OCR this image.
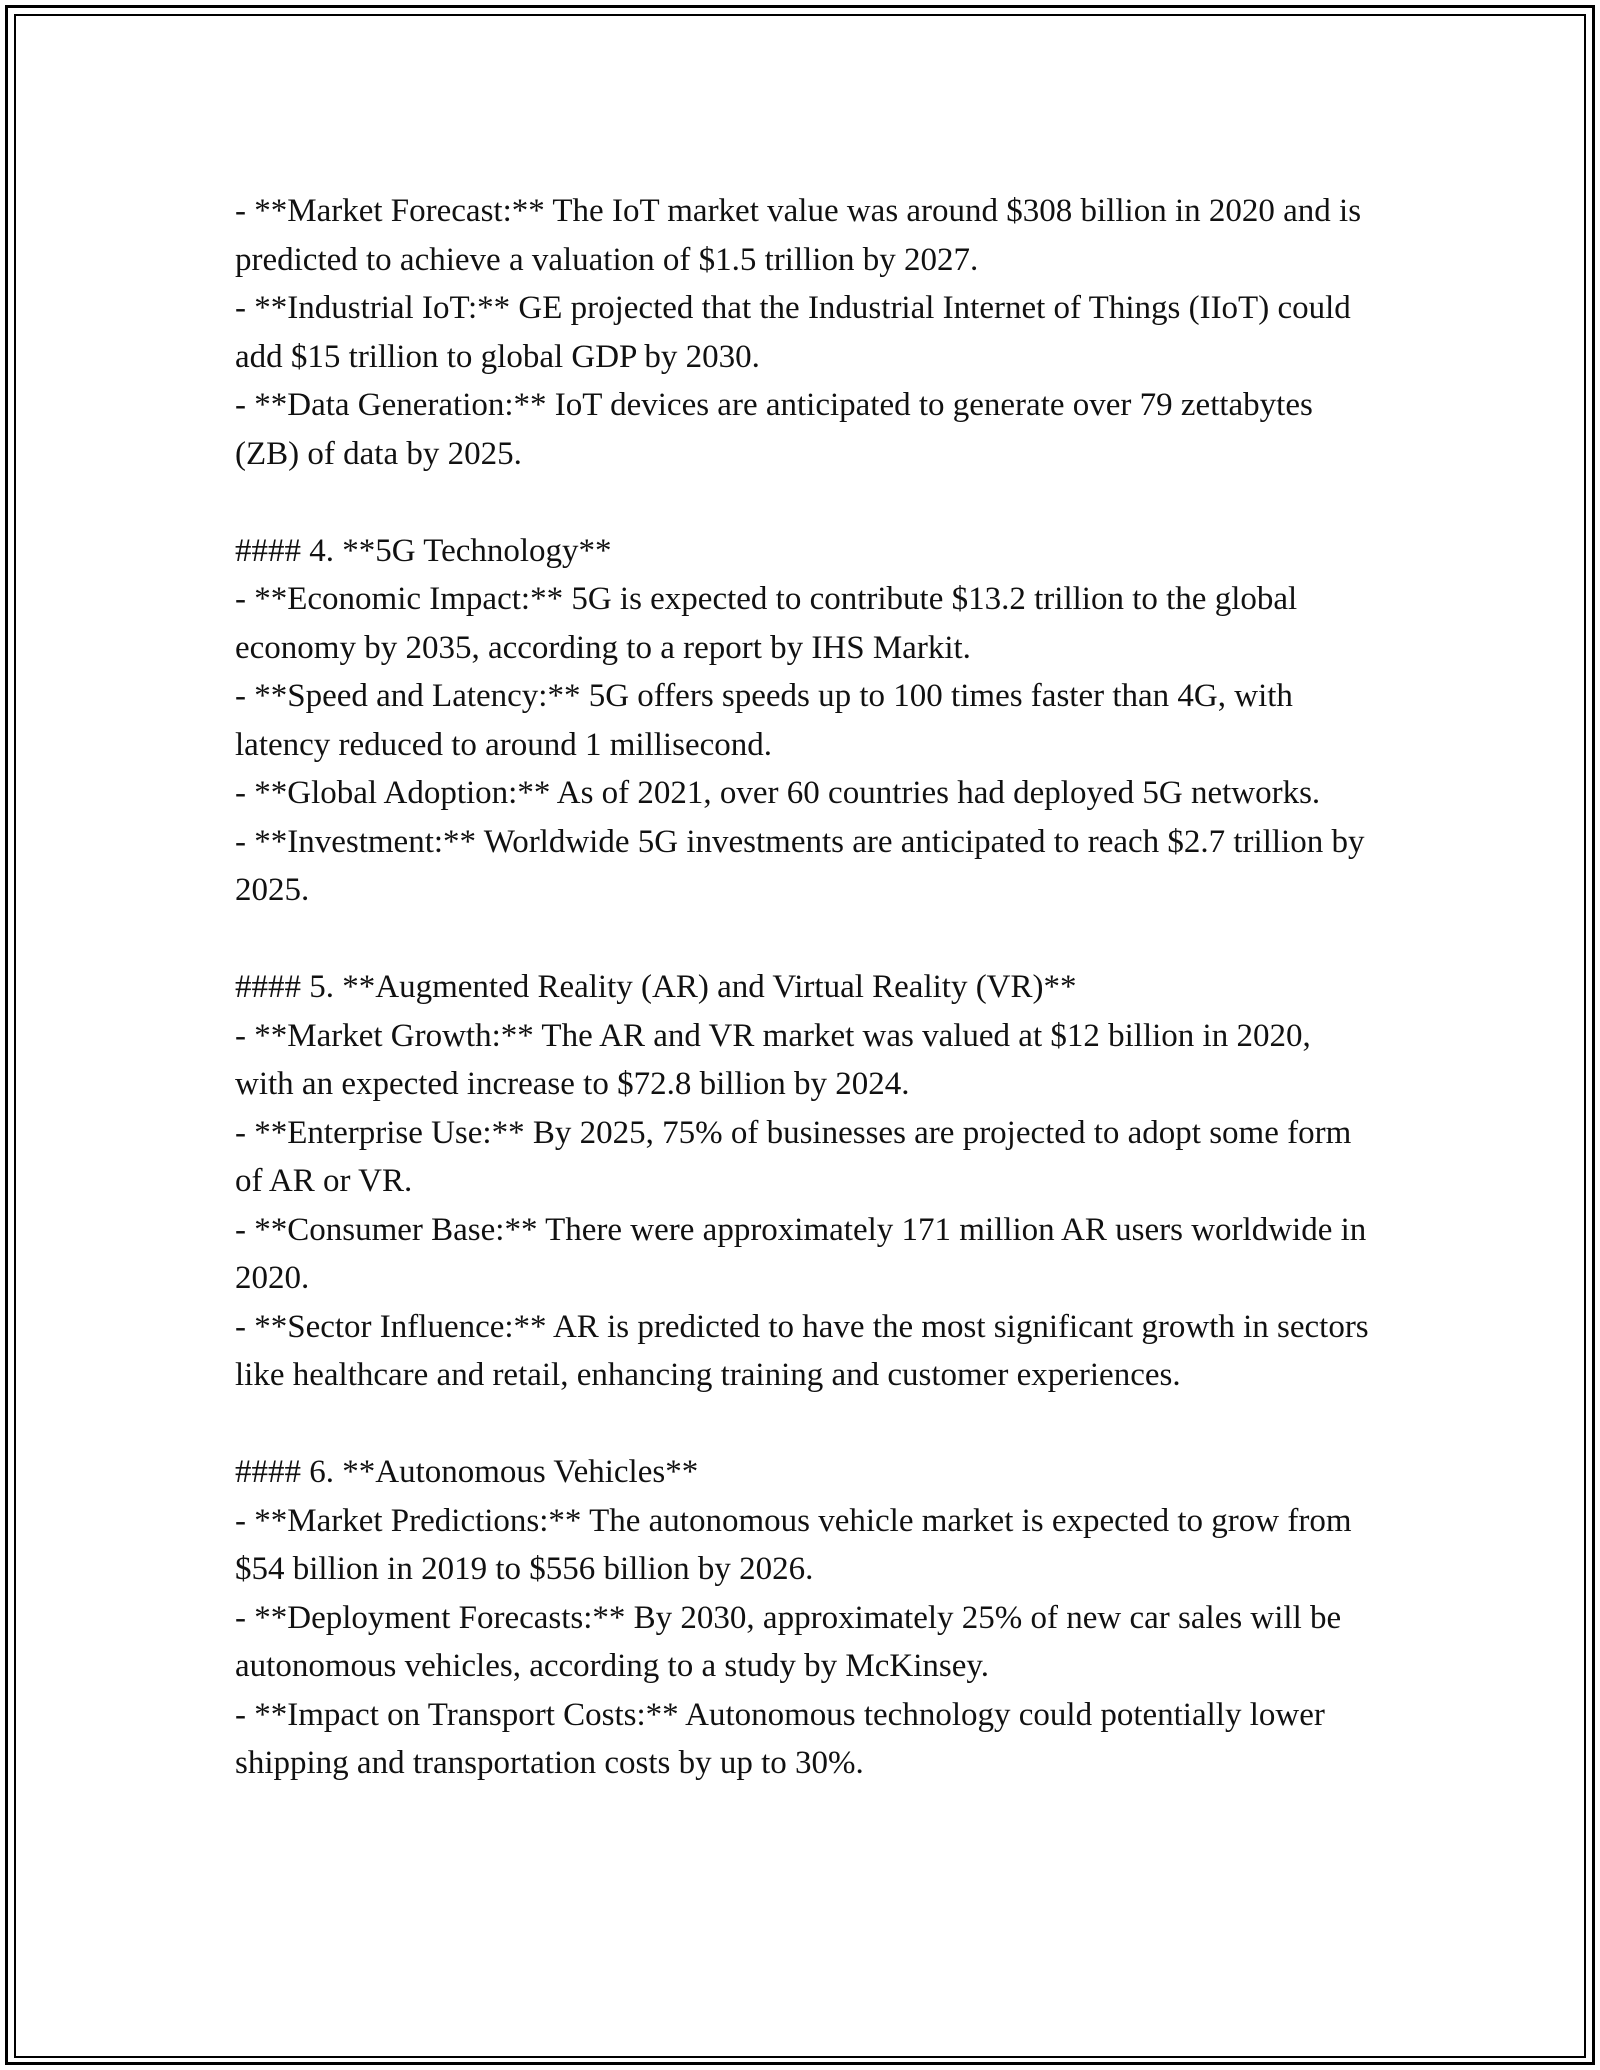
- **Market Forecast:** The IoT market value was around $308 billion in 2020 and is predicted to achieve a valuation of $1.5 trillion by 2027.

- **Industrial IoT:** GE projected that the Industrial Internet of Things (IIoT) could add $15 trillion to global GDP by 2030.

- **Data Generation:** IoT devices are anticipated to generate over 79 zettabytes (ZB) of data by 2025.

#### 4. **5G Technology**

- **Economic Impact:** 5G is expected to contribute $13.2 trillion to the global economy by 2035, according to a report by IHS Markit.

- **Speed and Latency:** 5G offers speeds up to 100 times faster than 4G, with latency reduced to around 1 millisecond.

- **Global Adoption:** As of 2021, over 60 countries had deployed 5G networks.

- **Investment:** Worldwide 5G investments are anticipated to reach $2.7 trillion by 2025.

#### 5. **Augmented Reality (AR) and Virtual Reality (VR)**

- **Market Growth:** The AR and VR market was valued at $12 billion in 2020, with an expected increase to $72.8 billion by 2024.

- **Enterprise Use:** By 2025, 75% of businesses are projected to adopt some form of AR or VR.

- **Consumer Base:** There were approximately 171 million AR users worldwide in 2020.

- **Sector Influence:** AR is predicted to have the most significant growth in sectors like healthcare and retail, enhancing training and customer experiences.

#### 6. **Autonomous Vehicles**

- **Market Predictions:** The autonomous vehicle market is expected to grow from $54 billion in 2019 to $556 billion by 2026.

- **Deployment Forecasts:** By 2030, approximately 25% of new car sales will be autonomous vehicles, according to a study by McKinsey.

- **Impact on Transport Costs:** Autonomous technology could potentially lower shipping and transportation costs by up to 30%.
